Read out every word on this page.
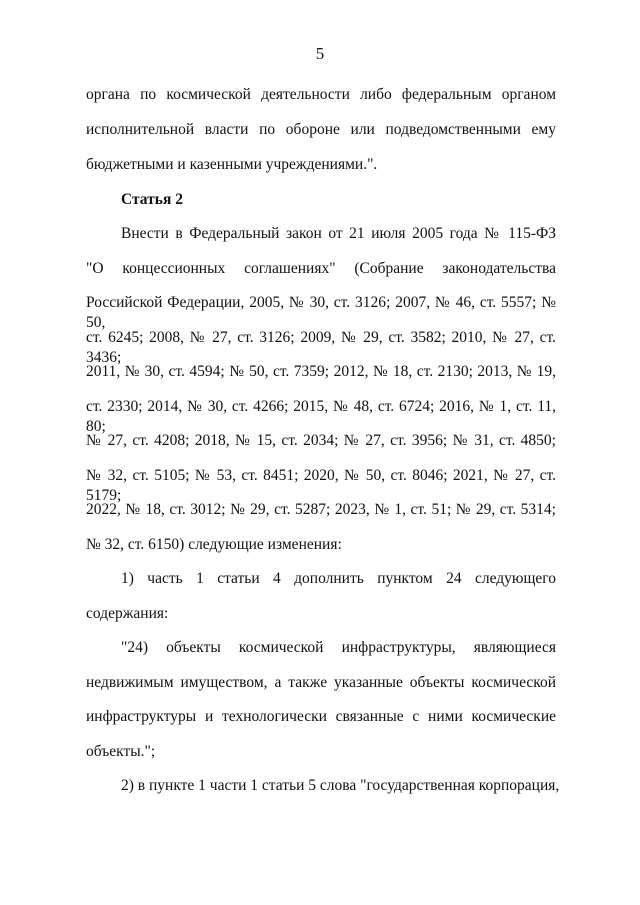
5
органа по космической деятельности либо федеральным органом
исполнительной власти по обороне или подведомственными ему
бюджетными и казенными учреждениями.".
Статья 2
Внести в Федеральный закон от 21 июля 2005 года № 115-ФЗ
"О концессионных соглашениях" (Собрание законодательства
Российской Федерации, 2005, № 30, ст. 3126; 2007, № 46, ст. 5557; № 50,
ст. 6245; 2008, № 27, ст. 3126; 2009, № 29, ст. 3582; 2010, № 27, ст. 3436;
2011, № 30, ст. 4594; № 50, ст. 7359; 2012, № 18, ст. 2130; 2013, № 19,
ст. 2330; 2014, № 30, ст. 4266; 2015, № 48, ст. 6724; 2016, № 1, ст. 11, 80;
№ 27, ст. 4208; 2018, № 15, ст. 2034; № 27, ст. 3956; № 31, ст. 4850;
№ 32, ст. 5105; № 53, ст. 8451; 2020, № 50, ст. 8046; 2021, № 27, ст. 5179;
2022, № 18, ст. 3012; № 29, ст. 5287; 2023, № 1, ст. 51; № 29, ст. 5314;
№ 32, ст. 6150) следующие изменения:
1) часть 1 статьи 4 дополнить пунктом 24 следующего
содержания:
"24) объекты космической инфраструктуры, являющиеся
недвижимым имуществом, а также указанные объекты космической
инфраструктуры и технологически связанные с ними космические
объекты.";
2) в пункте 1 части 1 статьи 5 слова "государственная корпорация,
